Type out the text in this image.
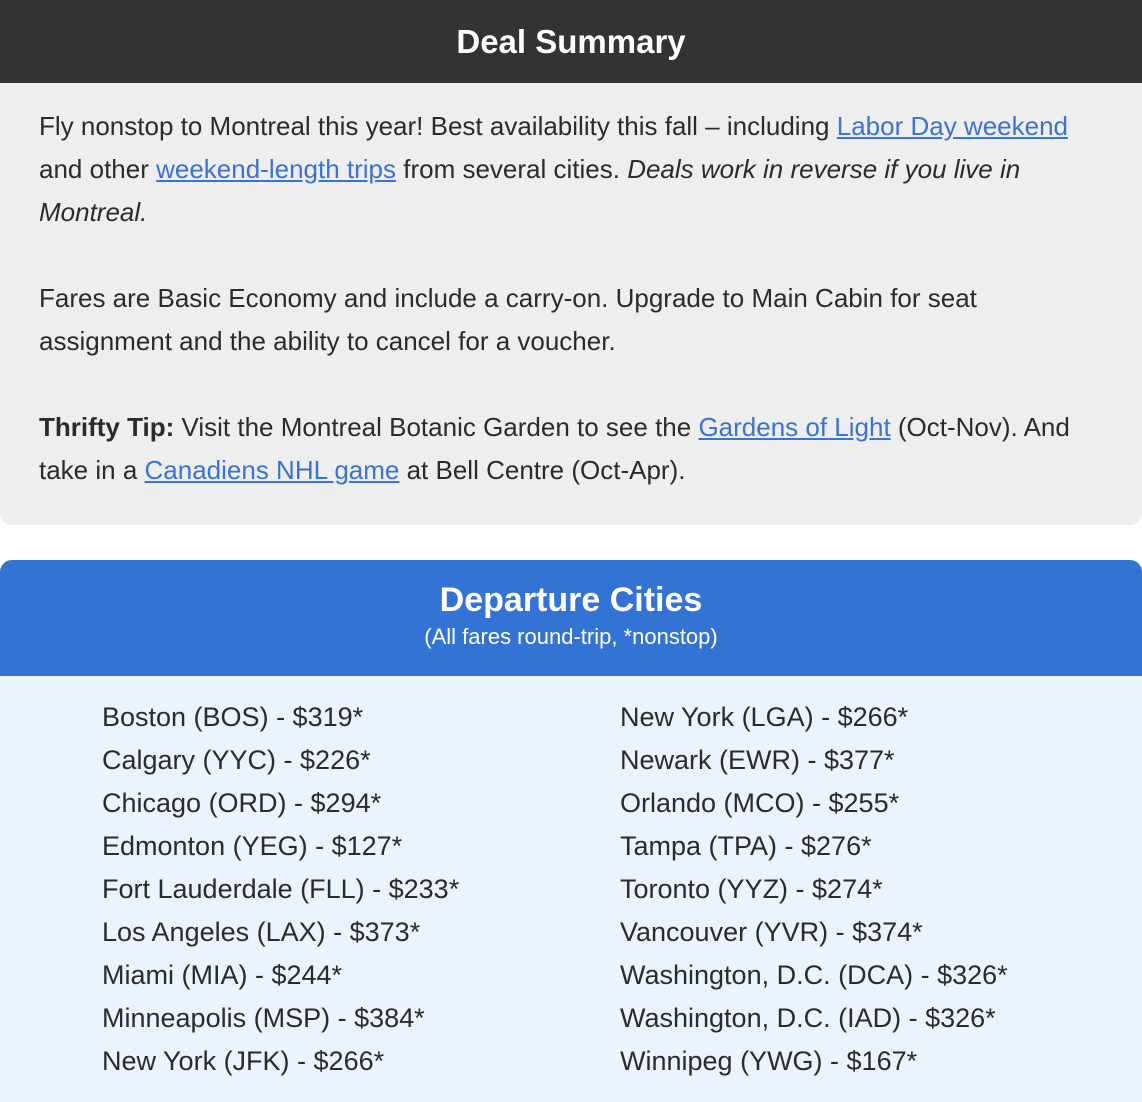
Deal Summary

Fly nonstop to Montreal this year! Best availability this fall – including Labor Day weekend and other weekend-length trips from several cities. Deals work in reverse if you live in Montreal.

Fares are Basic Economy and include a carry-on. Upgrade to Main Cabin for seat assignment and the ability to cancel for a voucher.

Thrifty Tip: Visit the Montreal Botanic Garden to see the Gardens of Light (Oct-Nov). And take in a Canadiens NHL game at Bell Centre (Oct-Apr).

Departure Cities
(All fares round-trip, *nonstop)
Boston (BOS) - $319*
Calgary (YYC) - $226*
Chicago (ORD) - $294*
Edmonton (YEG) - $127*
Fort Lauderdale (FLL) - $233*
Los Angeles (LAX) - $373*
Miami (MIA) - $244*
Minneapolis (MSP) - $384*
New York (JFK) - $266*
New York (LGA) - $266*
Newark (EWR) - $377*
Orlando (MCO) - $255*
Tampa (TPA) - $276*
Toronto (YYZ) - $274*
Vancouver (YVR) - $374*
Washington, D.C. (DCA) - $326*
Washington, D.C. (IAD) - $326*
Winnipeg (YWG) - $167*
